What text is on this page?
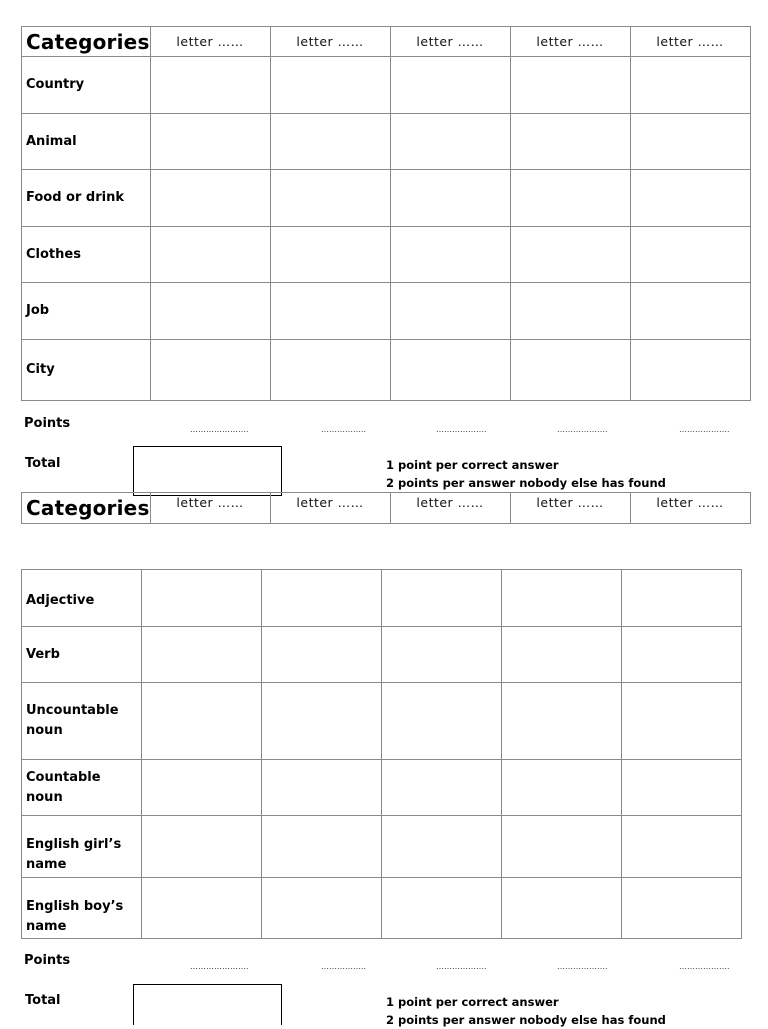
Categories	letter ……	letter ……	letter ……	letter ……	letter ……
Country					
Animal					
Food or drink					
Clothes					
Job					
City					
Points	………………….	……………..	……………….	……………….	……………….
Total	1 point per correct answer
2 points per answer nobody else has found
Categories	letter ……	letter ……	letter ……	letter ……	letter ……
Adjective					
Verb					
Uncountable noun					
Countable noun					
English girl’s name					
English boy’s name					
Points	………………….	……………..	……………….	……………….	……………….
Total	1 point per correct answer
2 points per answer nobody else has found
